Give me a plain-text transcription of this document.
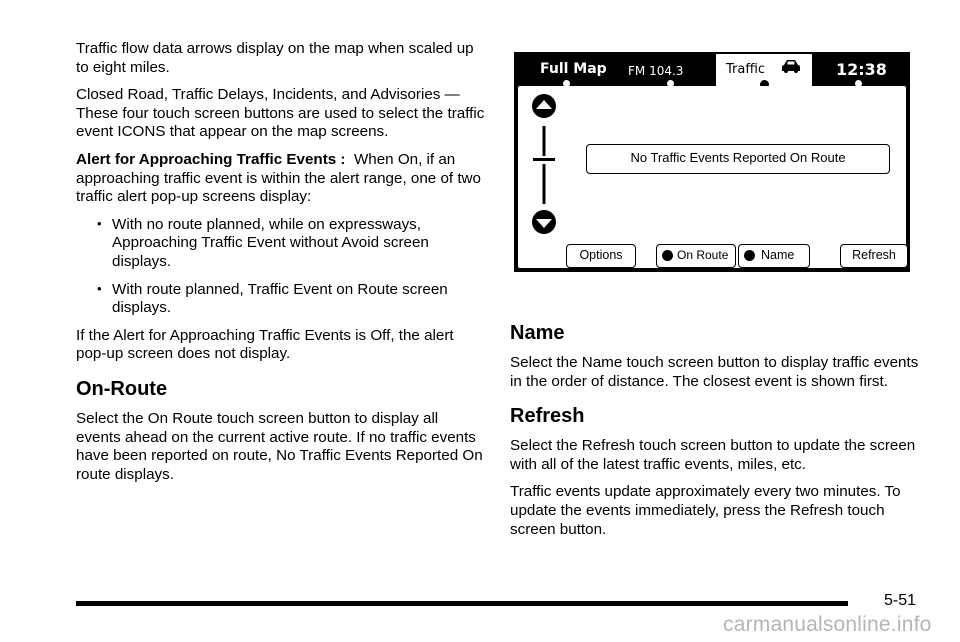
Traffic flow data arrows display on the map when scaled up to eight miles.

Closed Road, Traffic Delays, Incidents, and Advisories — These four touch screen buttons are used to select the traffic event ICONS that appear on the map screens.

Alert for Approaching Traffic Events : When On, if an approaching traffic event is within the alert range, one of two traffic alert pop-up screens display:

• With no route planned, while on expressways, Approaching Traffic Event without Avoid screen displays.
• With route planned, Traffic Event on Route screen displays.

If the Alert for Approaching Traffic Events is Off, the alert pop-up screen does not display.

On-Route

Select the On Route touch screen button to display all events ahead on the current active route. If no traffic events have been reported on route, No Traffic Events Reported On route displays.

Full Map FM 104.3	Traffic	12:38
No Traffic Events Reported On Route
Options	On Route	Name	Refresh
Name

Select the Name touch screen button to display traffic events in the order of distance. The closest event is shown first.

Refresh

Select the Refresh touch screen button to update the screen with all of the latest traffic events, miles, etc.

Traffic events update approximately every two minutes. To update the events immediately, press the Refresh touch screen button.

5-51
carmanualsonline.info
